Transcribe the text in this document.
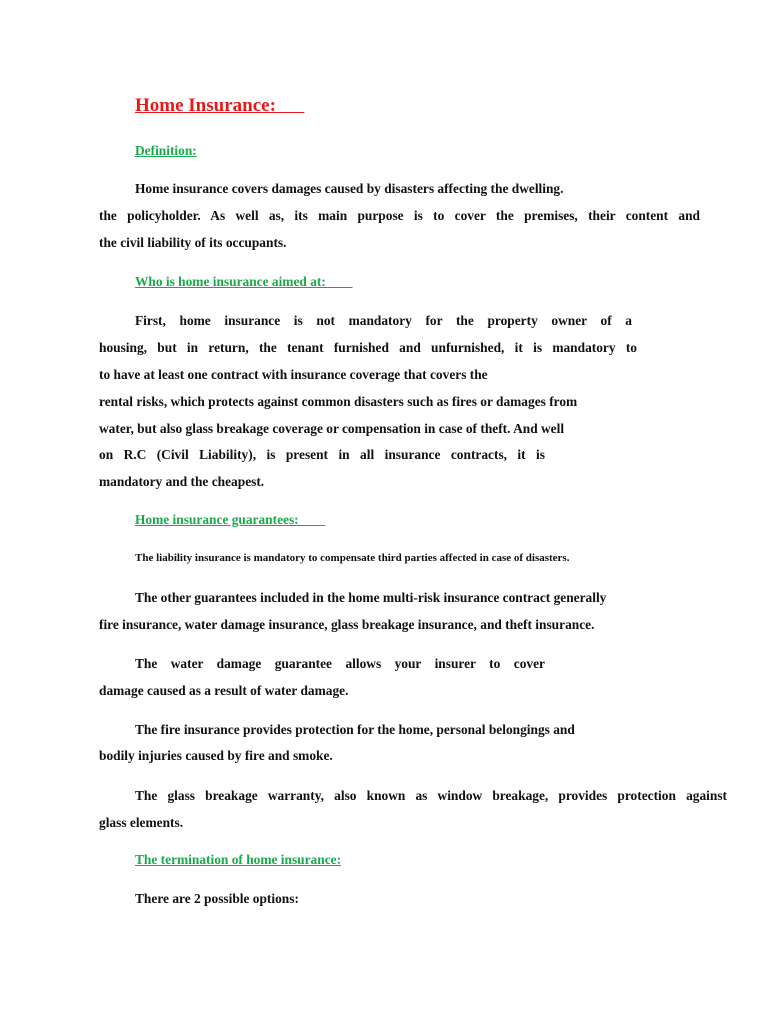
Home Insurance:
Definition:
Home insurance covers damages caused by disasters affecting the dwelling.
the policyholder. As well as, its main purpose is to cover the premises, their content and
the civil liability of its occupants.
Who is home insurance aimed at:
First, home insurance is not mandatory for the property owner of a
housing, but in return, the tenant furnished and unfurnished, it is mandatory to
to have at least one contract with insurance coverage that covers the
rental risks, which protects against common disasters such as fires or damages from
water, but also glass breakage coverage or compensation in case of theft. And well
on R.C (Civil Liability), is present in all insurance contracts, it is
mandatory and the cheapest.
Home insurance guarantees:
The liability insurance is mandatory to compensate third parties affected in case of disasters.
The other guarantees included in the home multi-risk insurance contract generally
fire insurance, water damage insurance, glass breakage insurance, and theft insurance.
The water damage guarantee allows your insurer to cover
damage caused as a result of water damage.
The fire insurance provides protection for the home, personal belongings and
bodily injuries caused by fire and smoke.
The glass breakage warranty, also known as window breakage, provides protection against
glass elements.
The termination of home insurance:
There are 2 possible options:
